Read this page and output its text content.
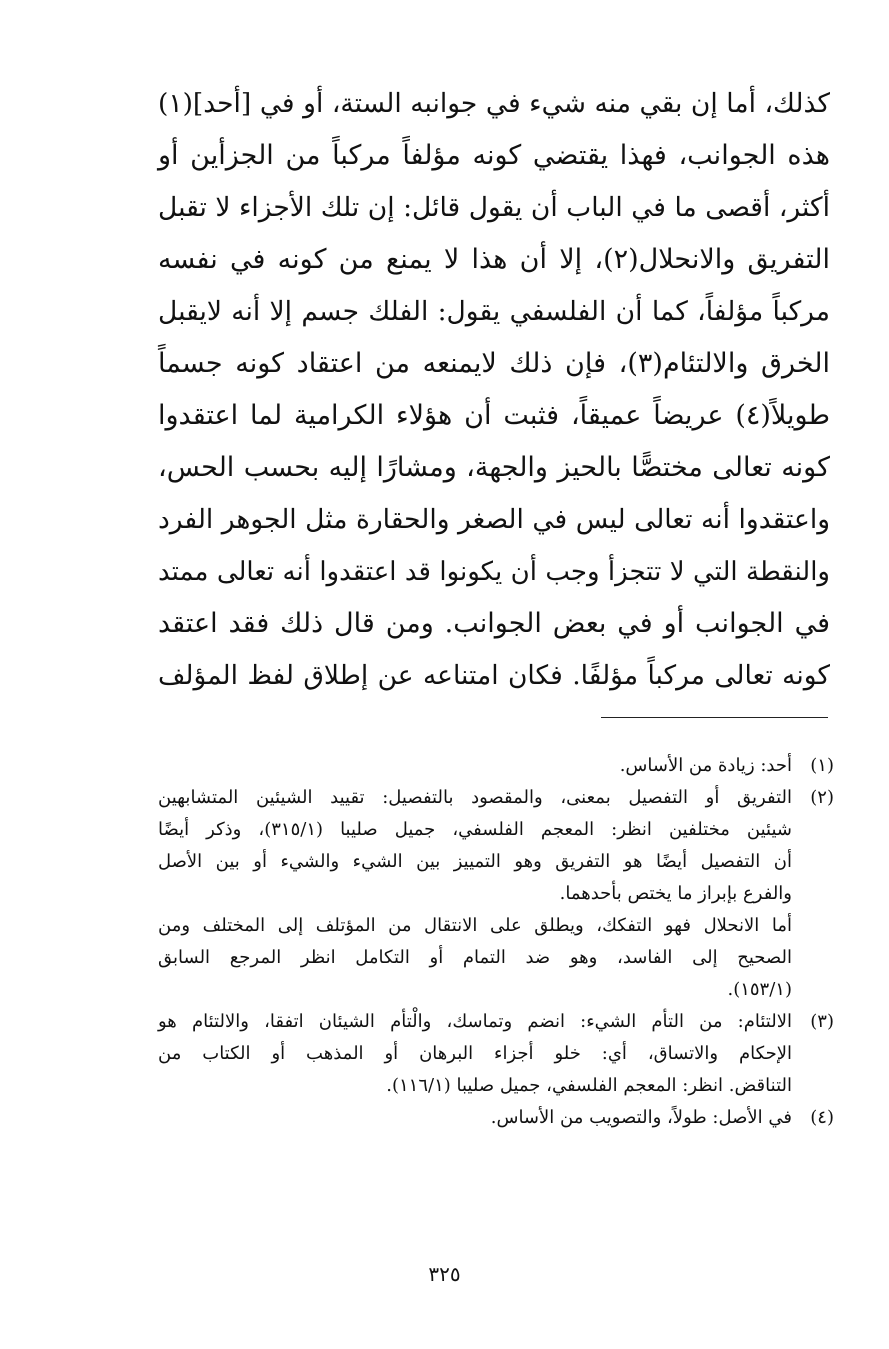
كذلك، أما إن بقي منه شيء في جوانبه الستة، أو في [أحد](١)
هذه الجوانب، فهذا يقتضي كونه مؤلفاً مركباً من الجزأين أو
أكثر، أقصى ما في الباب أن يقول قائل: إن تلك الأجزاء لا تقبل
التفريق والانحلال(٢)، إلا أن هذا لا يمنع من كونه في نفسه
مركباً مؤلفاً، كما أن الفلسفي يقول: الفلك جسم إلا أنه لايقبل
الخرق والالتئام(٣)، فإن ذلك لايمنعه من اعتقاد كونه جسماً
طويلاً(٤) عريضاً عميقاً، فثبت أن هؤلاء الكرامية لما اعتقدوا
كونه تعالى مختصًّا بالحيز والجهة، ومشارًا إليه بحسب الحس،
واعتقدوا أنه تعالى ليس في الصغر والحقارة مثل الجوهر الفرد
والنقطة التي لا تتجزأ وجب أن يكونوا قد اعتقدوا أنه تعالى ممتد
في الجوانب أو في بعض الجوانب. ومن قال ذلك فقد اعتقد
كونه تعالى مركباً مؤلفًا. فكان امتناعه عن إطلاق لفظ المؤلف
(١)
أحد: زيادة من الأساس.
(٢)
التفريق أو التفصيل بمعنى، والمقصود بالتفصيل: تقييد الشيئين المتشابهين
شيئين مختلفين انظر: المعجم الفلسفي، جميل صليبا (٣١٥/١)، وذكر أيضًا
أن التفصيل أيضًا هو التفريق وهو التمييز بين الشيء والشيء أو بين الأصل
والفرع بإبراز ما يختص بأحدهما.
أما الانحلال فهو التفكك، ويطلق على الانتقال من المؤتلف إلى المختلف ومن
الصحيح إلى الفاسد، وهو ضد التمام أو التكامل انظر المرجع السابق
(١٥٣/١).
(٣)
الالتئام: من التأم الشيء: انضم وتماسك، والْتأم الشيئان اتفقا، والالتئام هو
الإحكام والاتساق، أي: خلو أجزاء البرهان أو المذهب أو الكتاب من
التناقض. انظر: المعجم الفلسفي، جميل صليبا (١١٦/١).
(٤)
في الأصل: طولاً، والتصويب من الأساس.
٣٢٥
